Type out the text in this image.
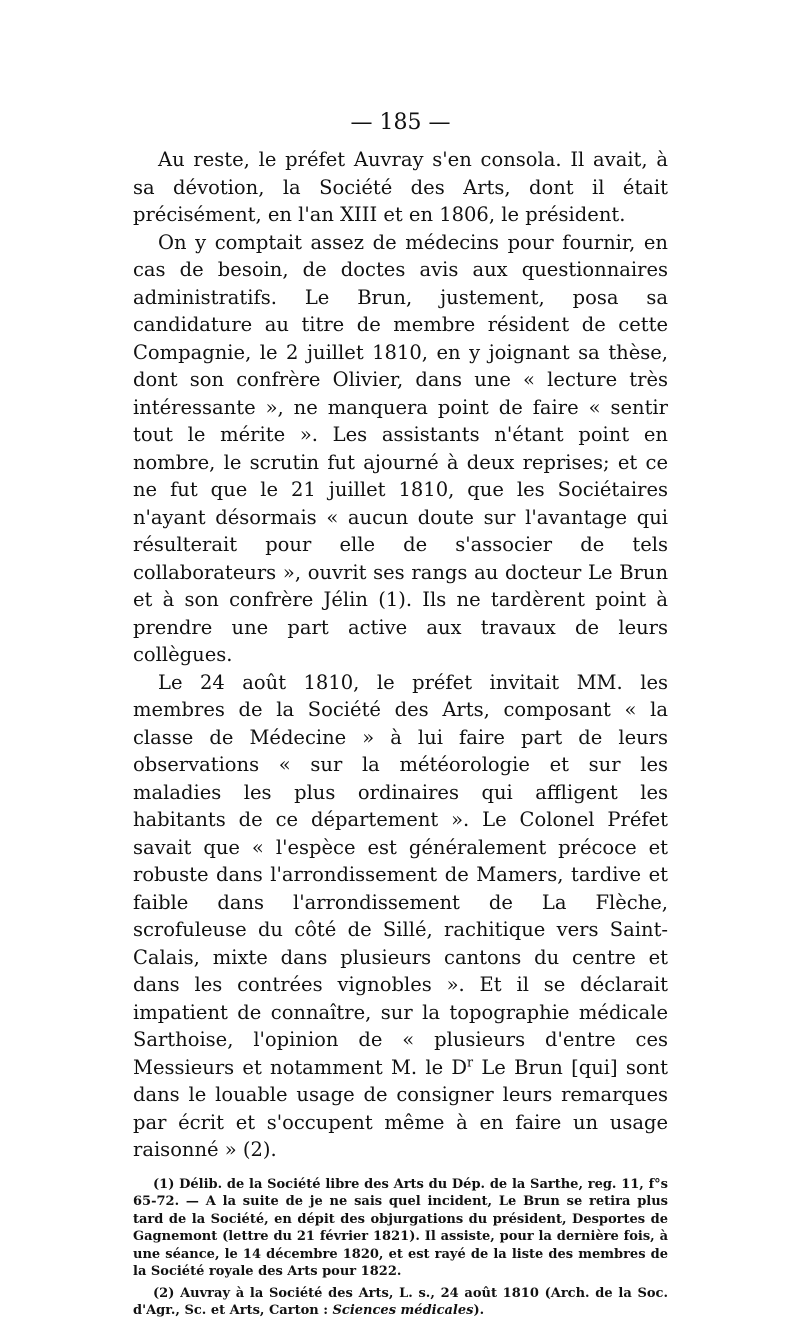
— 185 —

Au reste, le préfet Auvray s'en consola. Il avait, à sa dévotion, la Société des Arts, dont il était précisément, en l'an XIII et en 1806, le président.

On y comptait assez de médecins pour fournir, en cas de besoin, de doctes avis aux questionnaires administratifs. Le Brun, justement, posa sa candidature au titre de membre résident de cette Compagnie, le 2 juillet 1810, en y joignant sa thèse, dont son confrère Olivier, dans une « lecture très intéressante », ne manquera point de faire « sentir tout le mérite ». Les assistants n'étant point en nombre, le scrutin fut ajourné à deux reprises; et ce ne fut que le 21 juillet 1810, que les Sociétaires n'ayant désormais « aucun doute sur l'avantage qui résulterait pour elle de s'associer de tels collaborateurs », ouvrit ses rangs au docteur Le Brun et à son confrère Jélin (1). Ils ne tardèrent point à prendre une part active aux travaux de leurs collègues.

Le 24 août 1810, le préfet invitait MM. les membres de la Société des Arts, composant « la classe de Médecine » à lui faire part de leurs observations « sur la météorologie et sur les maladies les plus ordinaires qui affligent les habitants de ce département ». Le Colonel Préfet savait que « l'espèce est généralement précoce et robuste dans l'arrondissement de Mamers, tardive et faible dans l'arrondissement de La Flèche, scrofuleuse du côté de Sillé, rachitique vers Saint-Calais, mixte dans plusieurs cantons du centre et dans les contrées vignobles ». Et il se déclarait impatient de connaître, sur la topographie médicale Sarthoise, l'opinion de « plusieurs d'entre ces Messieurs et notamment M. le $D^r$ Le Brun [qui] sont dans le louable usage de consigner leurs remarques par écrit et s'occupent même à en faire un usage raisonné » (2).

(1) Délib. de la Société libre des Arts du Dép. de la Sarthe, reg. 11, f°s 65-72. — A la suite de je ne sais quel incident, Le Brun se retira plus tard de la Société, en dépit des objurgations du président, Desportes de Gagnemont (lettre du 21 février 1821). Il assiste, pour la dernière fois, à une séance, le 14 décembre 1820, et est rayé de la liste des membres de la Société royale des Arts pour 1822.

(2) Auvray à la Société des Arts, L. s., 24 août 1810 (Arch. de la Soc. d'Agr., Sc. et Arts, Carton : Sciences médicales).
